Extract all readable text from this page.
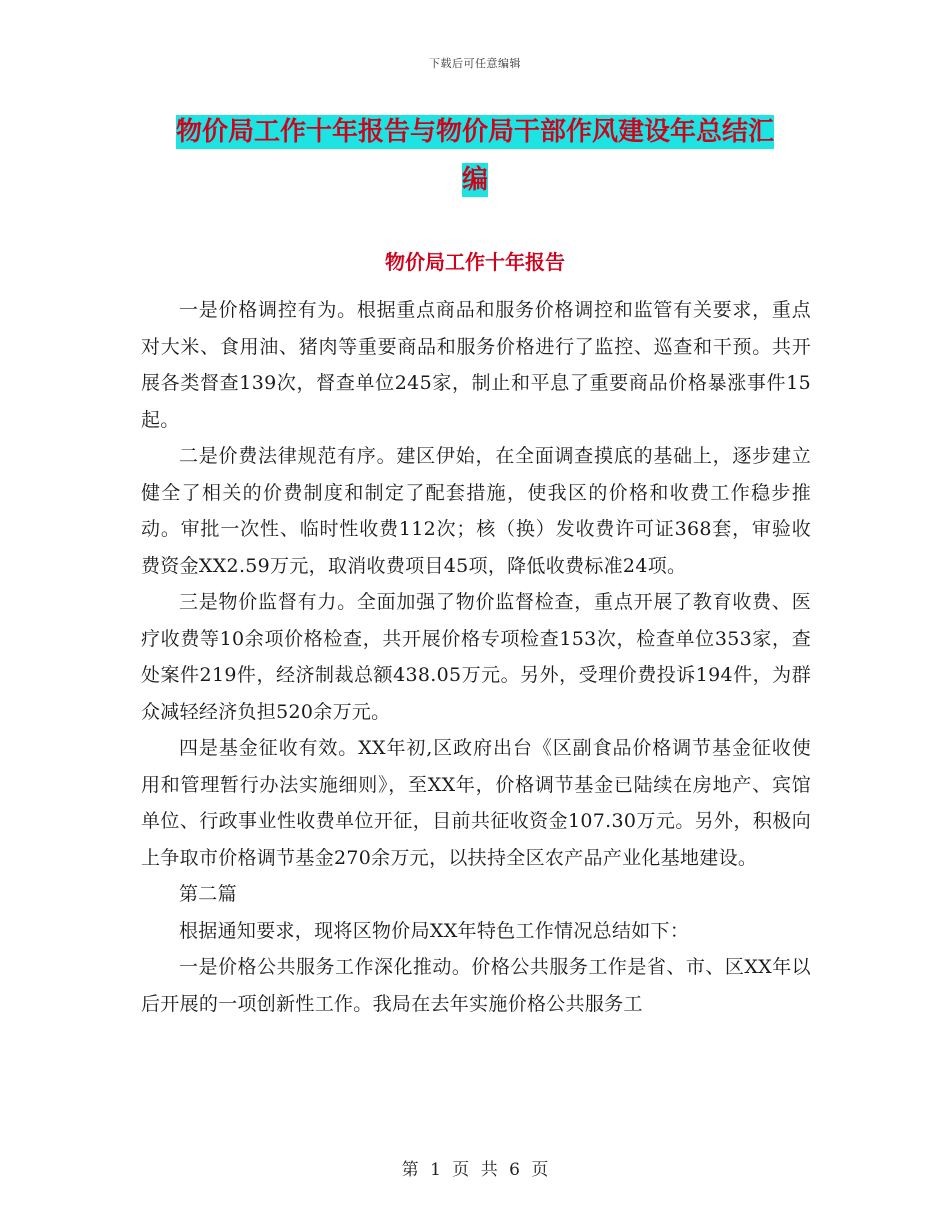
下载后可任意编辑
物价局工作十年报告与物价局干部作风建设年总结汇
编
物价局工作十年报告

一是价格调控有为。根据重点商品和服务价格调控和监管有关要求，重点对大米、食用油、猪肉等重要商品和服务价格进行了监控、巡查和干预。共开展各类督查139次，督查单位245家，制止和平息了重要商品价格暴涨事件15起。

二是价费法律规范有序。建区伊始，在全面调查摸底的基础上，逐步建立健全了相关的价费制度和制定了配套措施，使我区的价格和收费工作稳步推动。审批一次性、临时性收费112次；核（换）发收费许可证368套，审验收费资金XX2.59万元，取消收费项目45项，降低收费标准24项。

三是物价监督有力。全面加强了物价监督检查，重点开展了教育收费、医疗收费等10余项价格检查，共开展价格专项检查153次，检查单位353家，查处案件219件，经济制裁总额438.05万元。另外，受理价费投诉194件，为群众减轻经济负担520余万元。

四是基金征收有效。XX年初,区政府出台《区副食品价格调节基金征收使用和管理暂行办法实施细则》，至XX年，价格调节基金已陆续在房地产、宾馆单位、行政事业性收费单位开征，目前共征收资金107.30万元。另外，积极向上争取市价格调节基金270余万元，以扶持全区农产品产业化基地建设。

第二篇

根据通知要求，现将区物价局XX年特色工作情况总结如下：

一是价格公共服务工作深化推动。价格公共服务工作是省、市、区XX年以后开展的一项创新性工作。我局在去年实施价格公共服务工

第 1 页 共 6 页
